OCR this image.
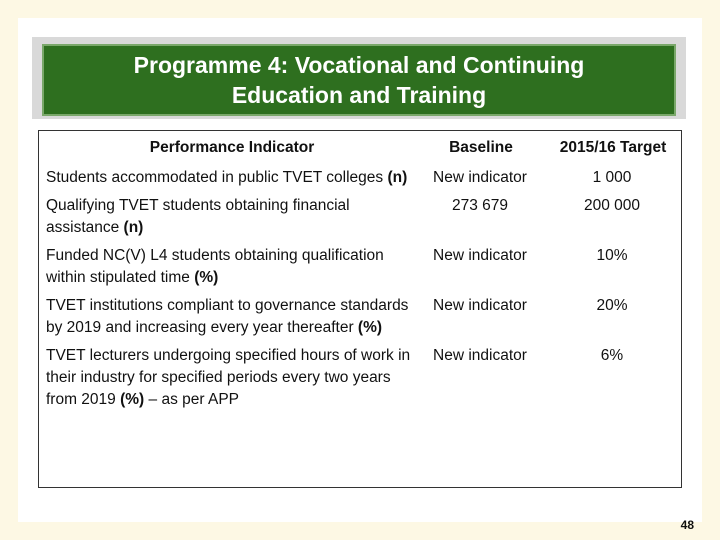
Programme 4: Vocational and Continuing Education and Training
Performance Indicator	Baseline	2015/16 Target
Students accommodated in public TVET colleges (n)	New indicator	1 000
Qualifying TVET students obtaining financial assistance (n)	273 679	200 000
Funded NC(V) L4 students obtaining qualification within stipulated time (%)	New indicator	10%
TVET institutions compliant to governance standards by 2019 and increasing every year thereafter (%)	New indicator	20%
TVET lecturers undergoing specified hours of work in their industry for specified periods every two years from 2019 (%) – as per APP	New indicator	6%
48
